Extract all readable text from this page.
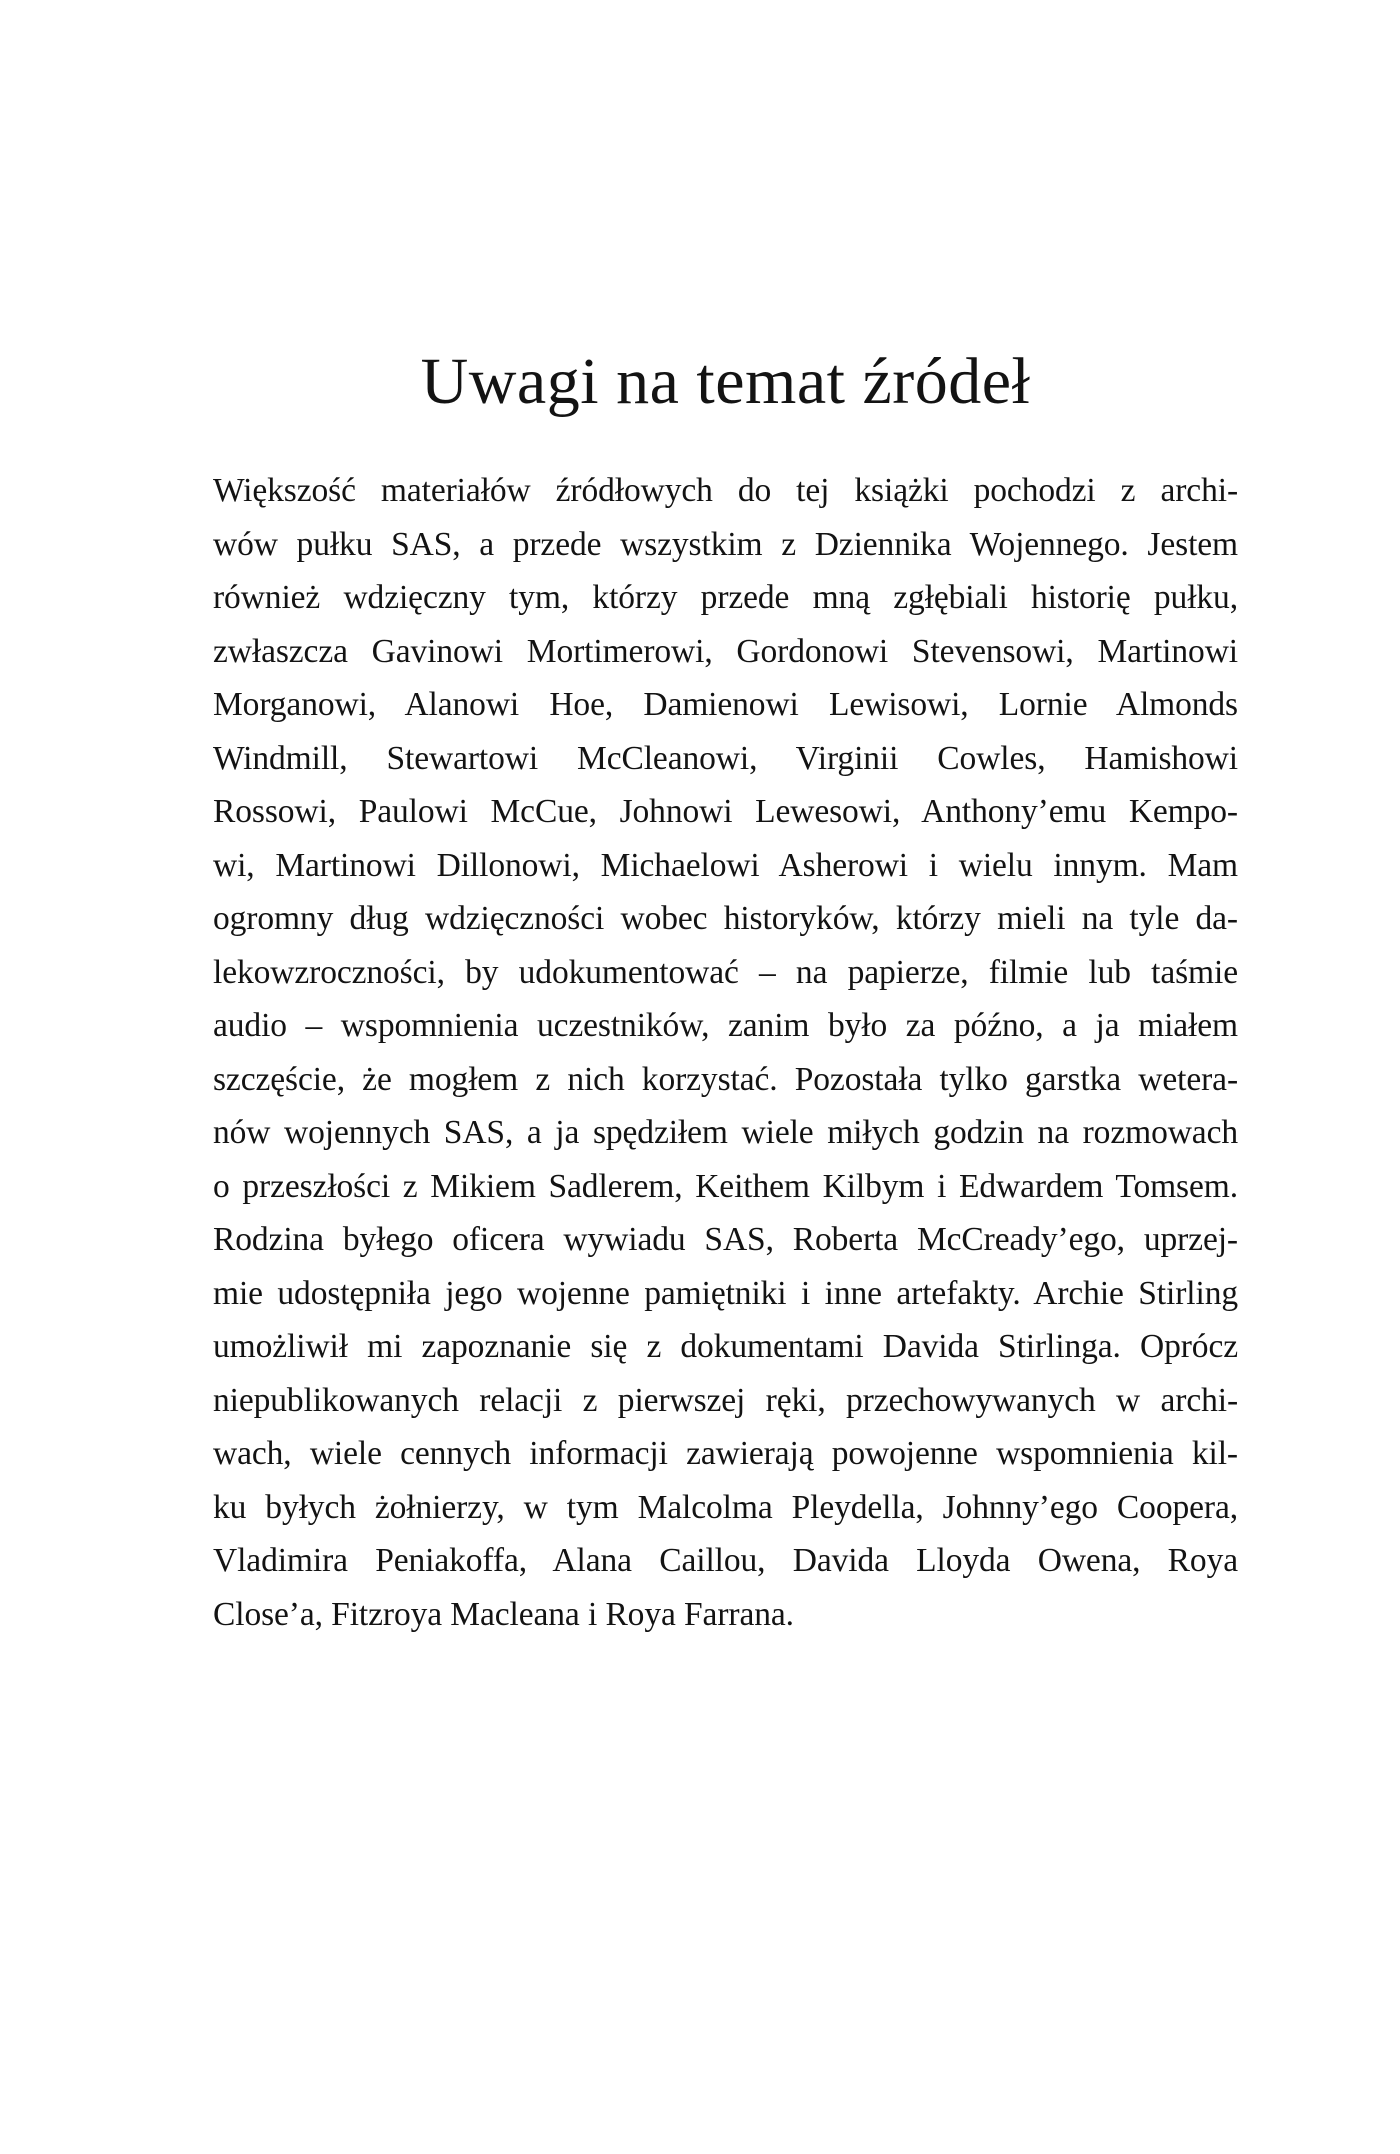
Uwagi na temat źródeł
Większość materiałów źródłowych do tej książki pochodzi z archi-
wów pułku SAS, a przede wszystkim z Dziennika Wojennego. Jestem
również wdzięczny tym, którzy przede mną zgłębiali historię pułku,
zwłaszcza Gavinowi Mortimerowi, Gordonowi Stevensowi, Martinowi
Morganowi, Alanowi Hoe, Damienowi Lewisowi, Lornie Almonds
Windmill, Stewartowi McCleanowi, Virginii Cowles, Hamishowi
Rossowi, Paulowi McCue, Johnowi Lewesowi, Anthony’emu Kempo-
wi, Martinowi Dillonowi, Michaelowi Asherowi i wielu innym. Mam
ogromny dług wdzięczności wobec historyków, którzy mieli na tyle da-
lekowzroczności, by udokumentować – na papierze, filmie lub taśmie
audio – wspomnienia uczestników, zanim było za późno, a ja miałem
szczęście, że mogłem z nich korzystać. Pozostała tylko garstka wetera-
nów wojennych SAS, a ja spędziłem wiele miłych godzin na rozmowach
o przeszłości z Mikiem Sadlerem, Keithem Kilbym i Edwardem Tomsem.
Rodzina byłego oficera wywiadu SAS, Roberta McCready’ego, uprzej-
mie udostępniła jego wojenne pamiętniki i inne artefakty. Archie Stirling
umożliwił mi zapoznanie się z dokumentami Davida Stirlinga. Oprócz
niepublikowanych relacji z pierwszej ręki, przechowywanych w archi-
wach, wiele cennych informacji zawierają powojenne wspomnienia kil-
ku byłych żołnierzy, w tym Malcolma Pleydella, Johnny’ego Coopera,
Vladimira Peniakoffa, Alana Caillou, Davida Lloyda Owena, Roya
Close’a, Fitzroya Macleana i Roya Farrana.
